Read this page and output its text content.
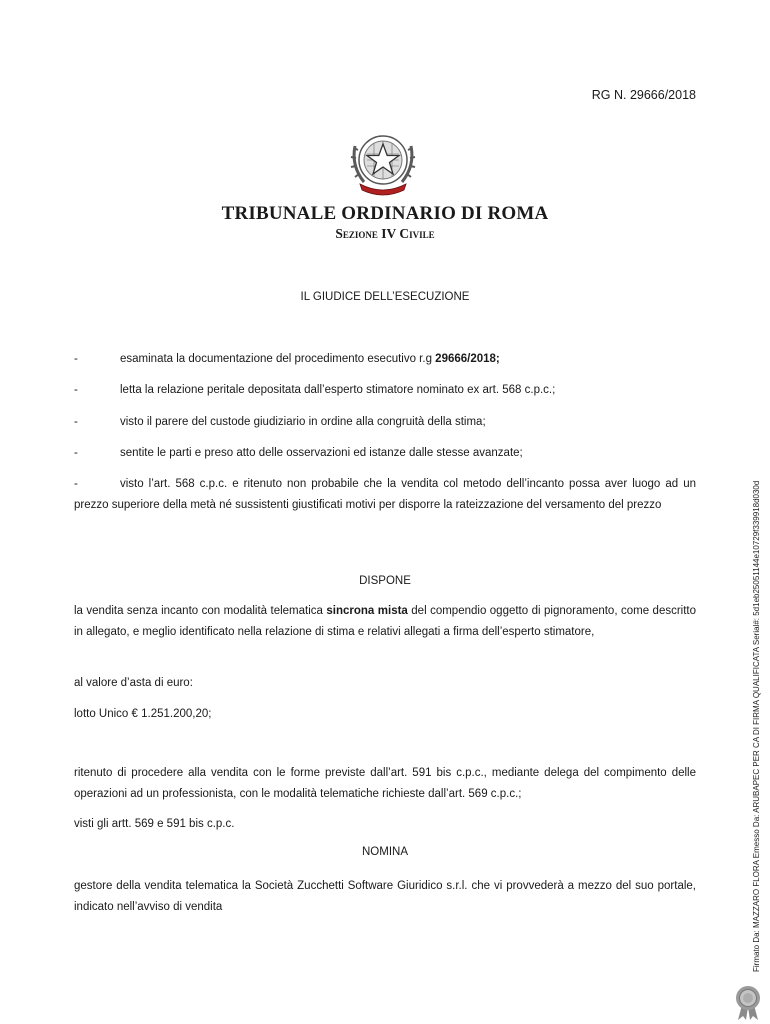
RG N. 29666/2018
TRIBUNALE ORDINARIO DI ROMA
Sezione IV Civile
IL GIUDICE DELL’ESECUZIONE
-	esaminata la documentazione del procedimento esecutivo r.g 29666/2018;
-	letta la relazione peritale depositata dall’esperto stimatore nominato ex art. 568 c.p.c.;
-	visto il parere del custode giudiziario in ordine alla congruità della stima;
-	sentite le parti e preso atto delle osservazioni ed istanze dalle stesse avanzate;
-	visto l’art. 568 c.p.c. e ritenuto non probabile che la vendita col metodo dell’incanto possa aver luogo ad un prezzo superiore della metà né sussistenti giustificati motivi per disporre la rateizzazione del versamento del prezzo
DISPONE
la vendita senza incanto con modalità telematica sincrona mista del compendio oggetto di pignoramento, come descritto in allegato, e meglio identificato nella relazione di stima e relativi allegati a firma dell’esperto stimatore,
al valore d’asta di euro:
lotto Unico € 1.251.200,20;
ritenuto di procedere alla vendita con le forme previste dall’art. 591 bis c.p.c., mediante delega del compimento delle operazioni ad un professionista, con le modalità telematiche richieste dall’art. 569 c.p.c.;
visti gli artt. 569 e 591 bis c.p.c.
NOMINA
gestore della vendita telematica la Società Zucchetti Software Giuridico s.r.l. che vi provvederà a mezzo del suo portale, indicato nell’avviso di vendita	Firmato Da: MAZZARO FLORA Emesso Da: ARUBAPEC PER CA DI FIRMA QUALIFICATA Serial#: 5d1eb25051144e10729f339918d030d
